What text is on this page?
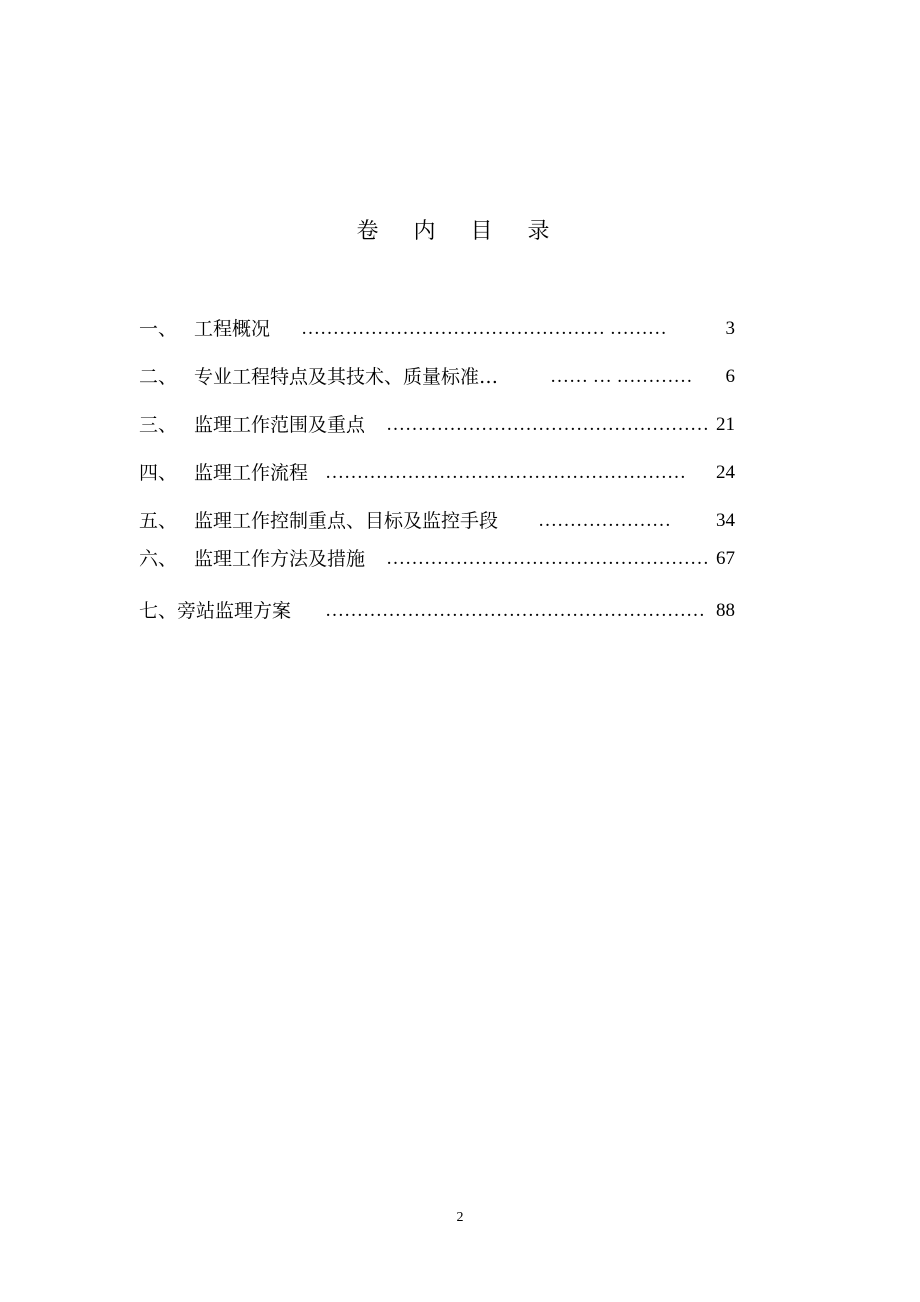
卷 内 目 录
一、 工程概况 ………………………………………… ………	3
二、 专业工程特点及其技术、质量标准…	…… … ………… 6
三、 监理工作范围及重点 …………………………………………… 21
四、 监理工作流程 ………………………………………………… 24
五、 监理工作控制重点、目标及监控手段 ………………… 34
六、 监理工作方法及措施 …………………………………………… 67
七、旁站监理方案 …………………………………………………… 88
2
